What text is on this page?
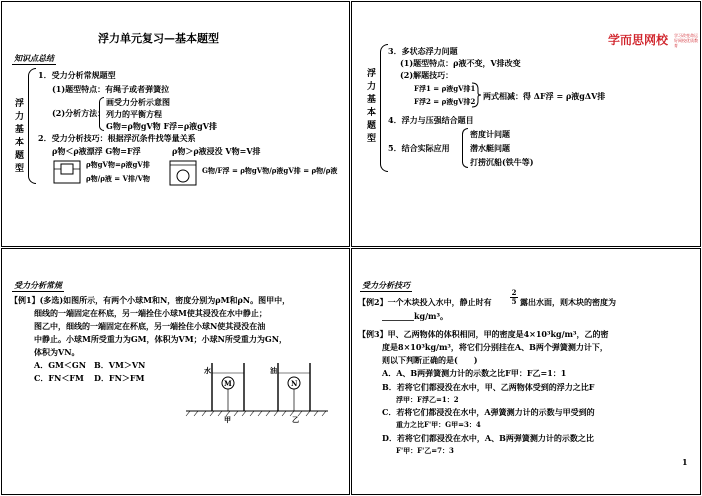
浮力单元复习—基本题型
知识点总结
浮力基本题型
1．受力分析常规题型
(1)题型特点：有绳子或者弹簧拉
(2)分析方法：
画受力分析示意图
列力的平衡方程
G物=ρ物gV物 F浮=ρ液gV排
2．受力分析技巧：根据浮沉条件找等量关系
ρ物＜ρ液漂浮 G物=F浮	ρ物＞ρ液浸没 V物=V排
ρ物gV物=ρ液gV排
ρ物/ρ液 = V排/V物
G物/F浮 = ρ物gV物/ρ液gV排 = ρ物/ρ液
学而思网校 学习改变命运 好网校优质教育
浮力基本题型
3．多状态浮力问题
(1)题型特点：ρ液不变，V排改变
(2)解题技巧：
F浮1 = ρ液gV排1
F浮2 = ρ液gV排2
两式相减：得 ΔF浮 = ρ液gΔV排
4．浮力与压强结合题目
5．结合实际应用
密度计问题
潜水艇问题
打捞沉船(铁牛等)
受力分析常规
【例1】(多选)如图所示，有两个小球M和N，密度分别为ρM和ρN。图甲中，
细线的一端固定在杯底，另一端拴住小球M使其浸没在水中静止；
图乙中，细线的一端固定在杯底，另一端拴住小球N使其浸没在油
中静止。小球M所受重力为GM，体积为VM；小球N所受重力为GN，
体积为VN。
A．GM＜GN B．VM＞VN
C．FN＜FM D．FN＞FM
水
M
油
N
甲	乙
受力分析技巧
【例2】一个木块投入水中，静止时有	$\frac{2}{5}$ 露出水面，则木块的密度为
________kg/m³。
【例3】甲、乙两物体的体积相同，甲的密度是4×10³kg/m³，乙的密
度是8×10³kg/m³，将它们分别挂在A、B两个弹簧测力计下，
则以下判断正确的是(　　)
A．A、B两弹簧测力计的示数之比F甲：F乙=1：1
B．若将它们都浸没在水中，甲、乙两物体受到的浮力之比F
浮甲：F浮乙=1：2
C．若将它们都浸没在水中，A弹簧测力计的示数与甲受到的
重力之比F'甲：G甲=3：4
D．若将它们都浸没在水中，A、B两弹簧测力计的示数之比
F'甲：F'乙=7：3
1
